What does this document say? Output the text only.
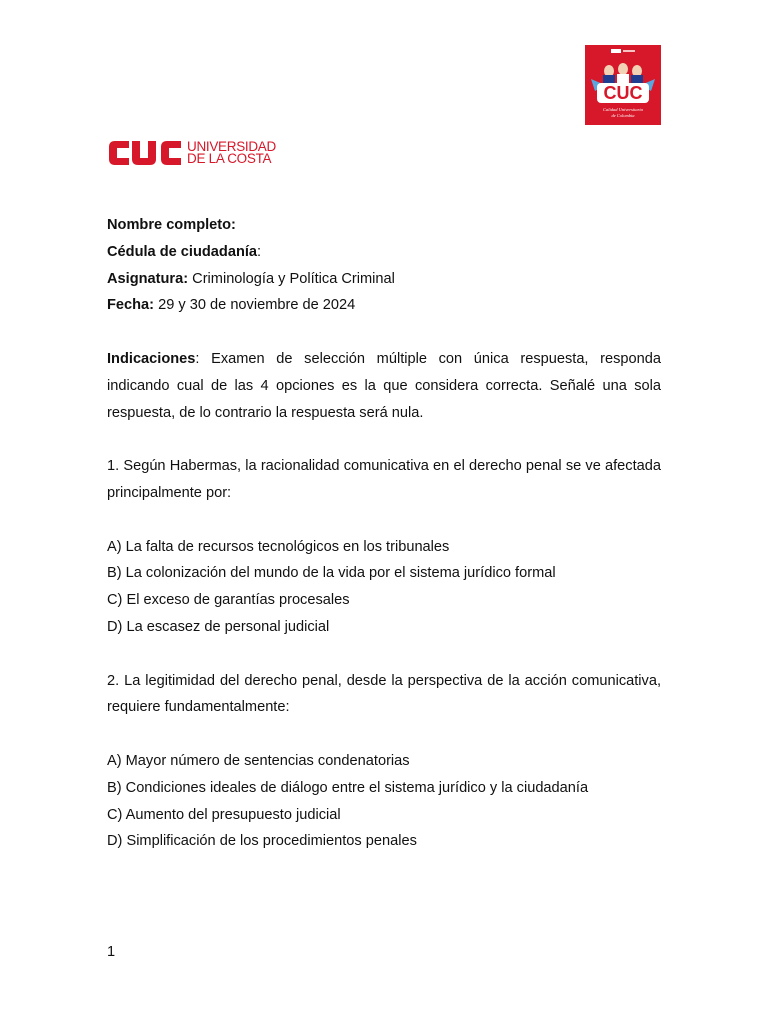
CUC
Calidad Universitaria
de Colombia
UNIVERSIDAD
DE LA COSTA
Nombre completo:
Cédula de ciudadanía:
Asignatura: Criminología y Política Criminal
Fecha: 29 y 30 de noviembre de 2024
Indicaciones: Examen de selección múltiple con única respuesta, responda indicando cual de las 4 opciones es la que considera correcta. Señalé una sola respuesta, de lo contrario la respuesta será nula.
1. Según Habermas, la racionalidad comunicativa en el derecho penal se ve afectada principalmente por:
A) La falta de recursos tecnológicos en los tribunales
B) La colonización del mundo de la vida por el sistema jurídico formal
C) El exceso de garantías procesales
D) La escasez de personal judicial
2. La legitimidad del derecho penal, desde la perspectiva de la acción comunicativa, requiere fundamentalmente:
A) Mayor número de sentencias condenatorias
B) Condiciones ideales de diálogo entre el sistema jurídico y la ciudadanía
C) Aumento del presupuesto judicial
D) Simplificación de los procedimientos penales
1
